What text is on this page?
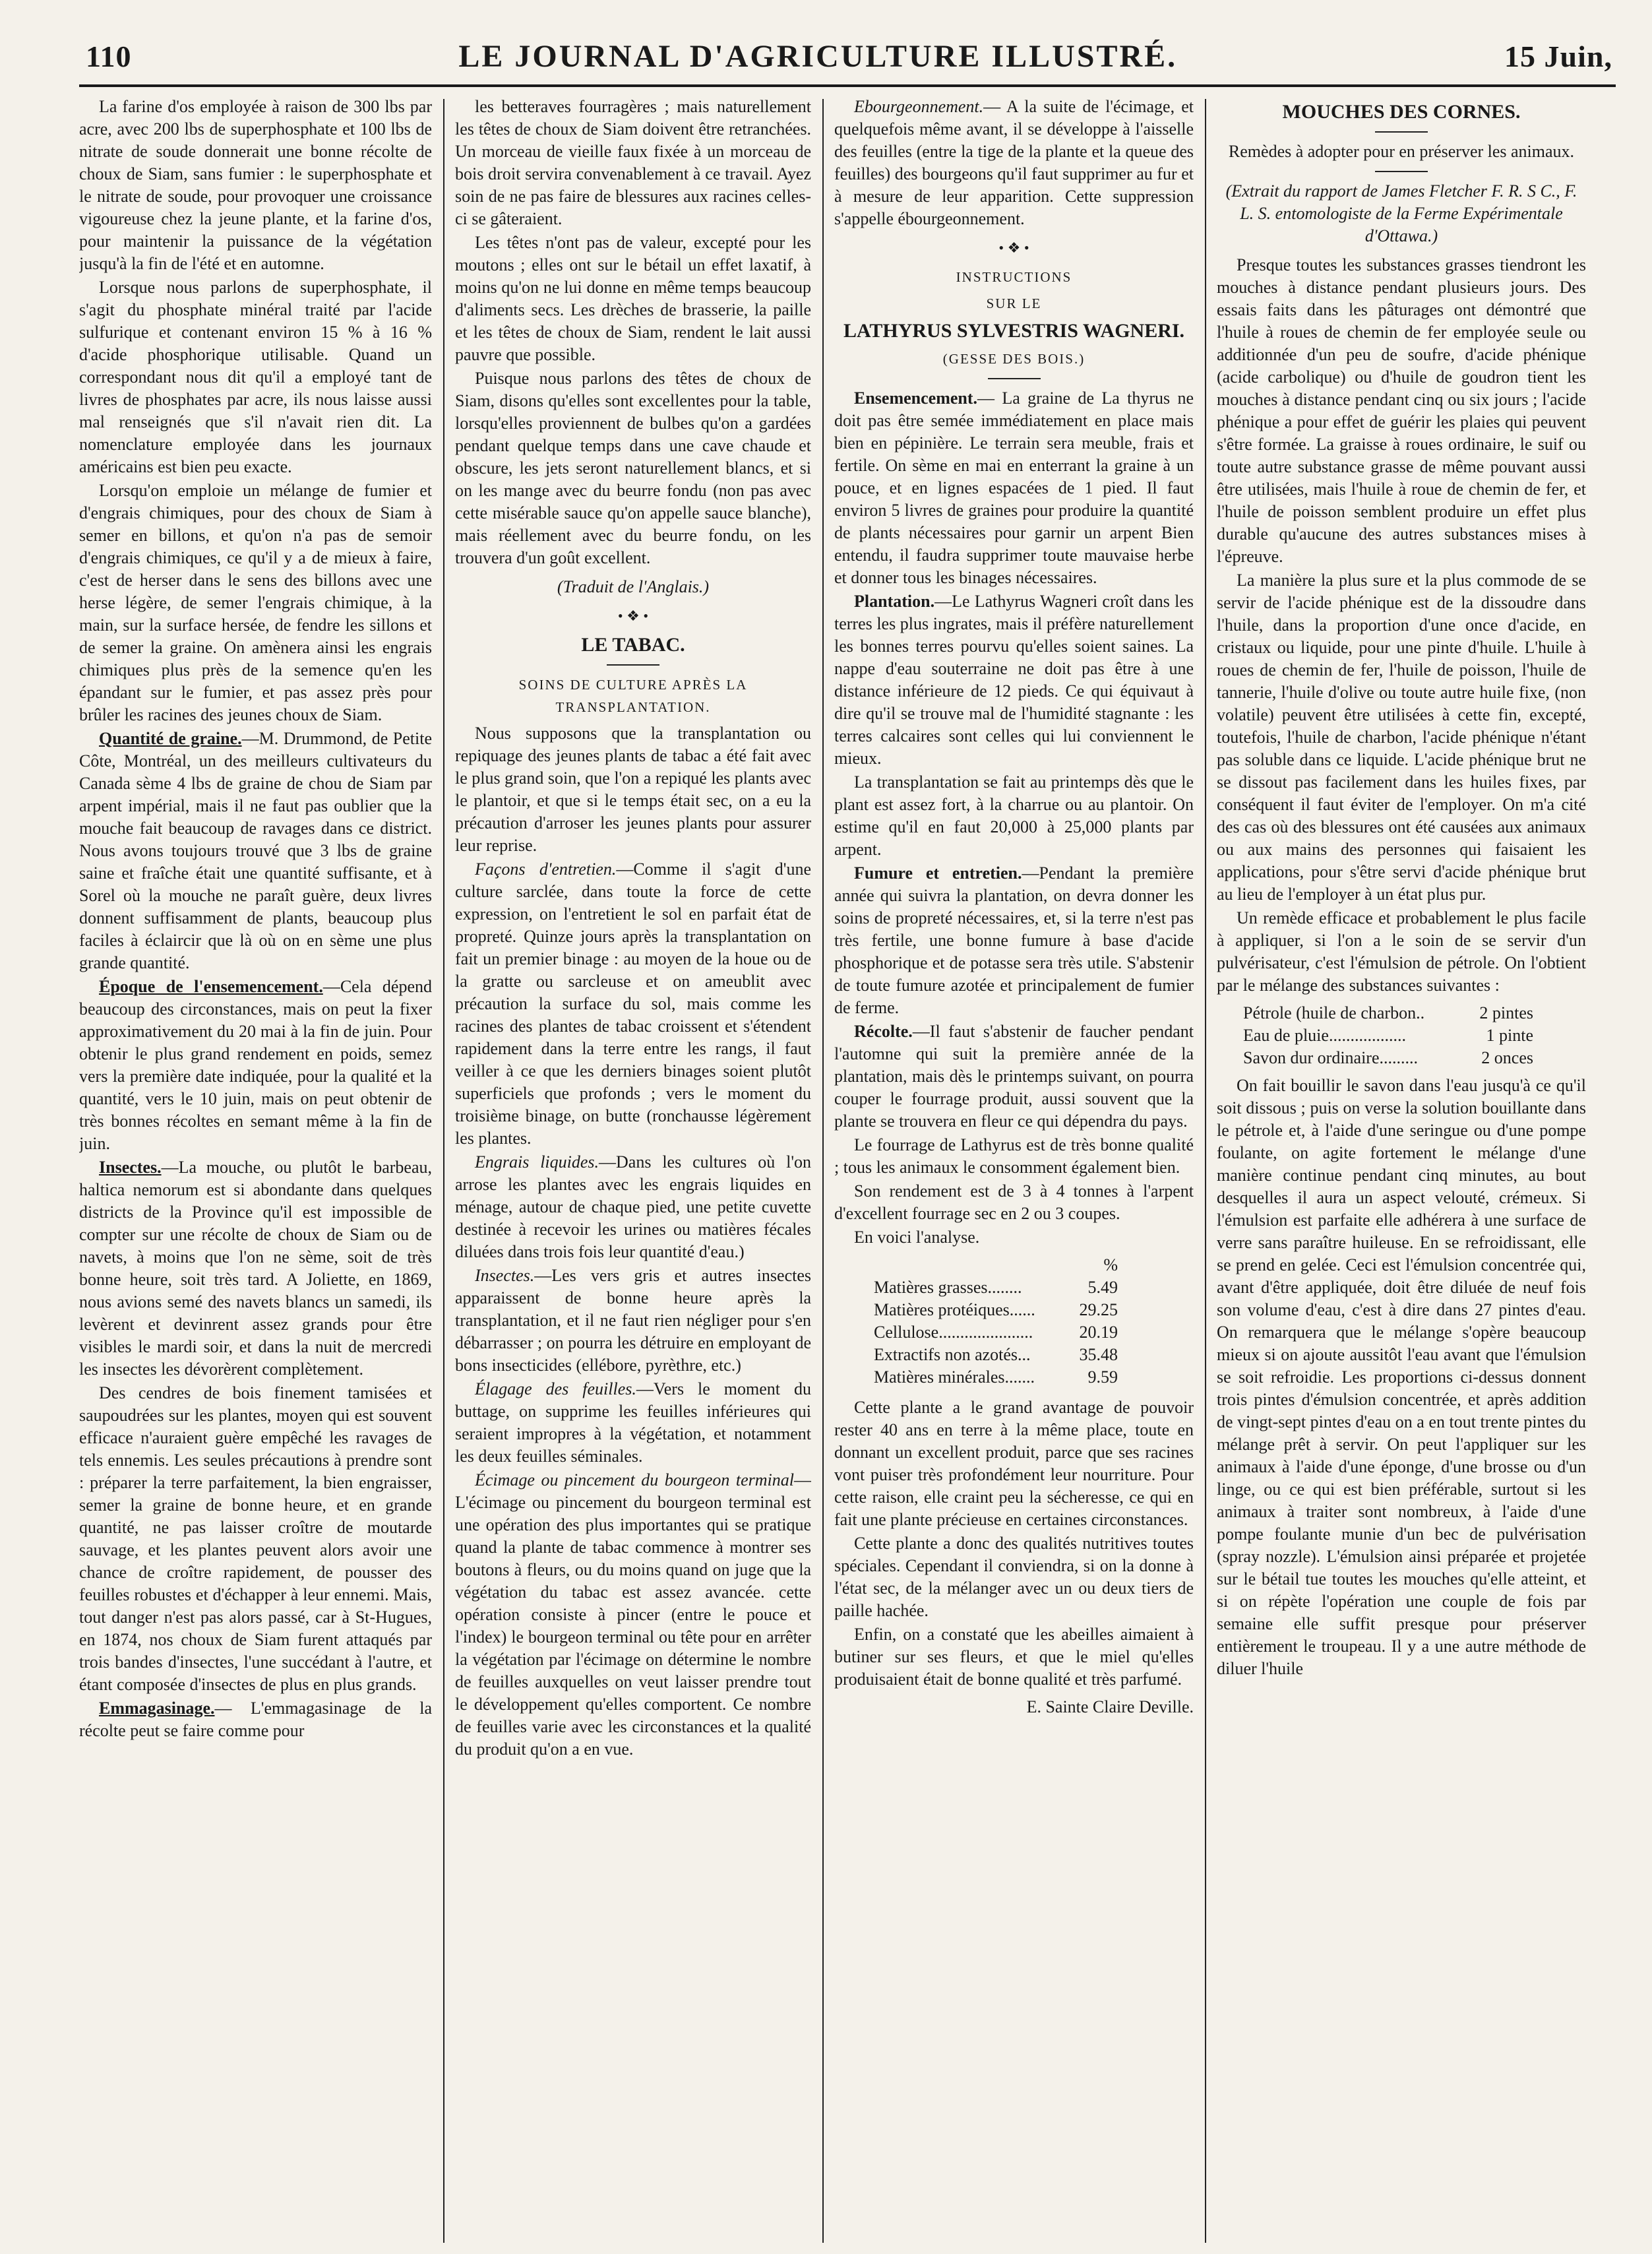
110	LE JOURNAL D'AGRICULTURE ILLUSTRÉ.	15 Juin,

La farine d'os employée à raison de 300 lbs par acre, avec 200 lbs de superphosphate et 100 lbs de nitrate de soude donnerait une bonne récolte de choux de Siam, sans fumier : le superphosphate et le nitrate de soude, pour provoquer une croissance vigoureuse chez la jeune plante, et la farine d'os, pour maintenir la puissance de la végétation jusqu'à la fin de l'été et en automne.

Lorsque nous parlons de superphosphate, il s'agit du phosphate minéral traité par l'acide sulfurique et contenant environ 15 % à 16 % d'acide phosphorique utilisable. Quand un correspondant nous dit qu'il a employé tant de livres de phosphates par acre, ils nous laisse aussi mal renseignés que s'il n'avait rien dit. La nomenclature employée dans les journaux américains est bien peu exacte.

Lorsqu'on emploie un mélange de fumier et d'engrais chimiques, pour des choux de Siam à semer en billons, et qu'on n'a pas de semoir d'engrais chimiques, ce qu'il y a de mieux à faire, c'est de herser dans le sens des billons avec une herse légère, de semer l'engrais chimique, à la main, sur la surface hersée, de fendre les sillons et de semer la graine. On amènera ainsi les engrais chimiques plus près de la semence qu'en les épandant sur le fumier, et pas assez près pour brûler les racines des jeunes choux de Siam.

Quantité de graine.—M. Drummond, de Petite Côte, Montréal, un des meilleurs cultivateurs du Canada sème 4 lbs de graine de chou de Siam par arpent impérial, mais il ne faut pas oublier que la mouche fait beaucoup de ravages dans ce district. Nous avons toujours trouvé que 3 lbs de graine saine et fraîche était une quantité suffisante, et à Sorel où la mouche ne paraît guère, deux livres donnent suffisamment de plants, beaucoup plus faciles à éclaircir que là où on en sème une plus grande quantité.

Époque de l'ensemencement.—Cela dépend beaucoup des circonstances, mais on peut la fixer approximativement du 20 mai à la fin de juin. Pour obtenir le plus grand rendement en poids, semez vers la première date indiquée, pour la qualité et la quantité, vers le 10 juin, mais on peut obtenir de très bonnes récoltes en semant même à la fin de juin.

Insectes.—La mouche, ou plutôt le barbeau, haltica nemorum est si abondante dans quelques districts de la Province qu'il est impossible de compter sur une récolte de choux de Siam ou de navets, à moins que l'on ne sème, soit de très bonne heure, soit très tard. A Joliette, en 1869, nous avions semé des navets blancs un samedi, ils levèrent et devinrent assez grands pour être visibles le mardi soir, et dans la nuit de mercredi les insectes les dévorèrent complètement.

Des cendres de bois finement tamisées et saupoudrées sur les plantes, moyen qui est souvent efficace n'auraient guère empêché les ravages de tels ennemis. Les seules précautions à prendre sont : préparer la terre parfaitement, la bien engraisser, semer la graine de bonne heure, et en grande quantité, ne pas laisser croître de moutarde sauvage, et les plantes peuvent alors avoir une chance de croître rapidement, de pousser des feuilles robustes et d'échapper à leur ennemi. Mais, tout danger n'est pas alors passé, car à St-Hugues, en 1874, nos choux de Siam furent attaqués par trois bandes d'insectes, l'une succédant à l'autre, et étant composée d'insectes de plus en plus grands.

Emmagasinage.— L'emmagasinage de la récolte peut se faire comme pour

les betteraves fourragères ; mais naturellement les têtes de choux de Siam doivent être retranchées. Un morceau de vieille faux fixée à un morceau de bois droit servira convenablement à ce travail. Ayez soin de ne pas faire de blessures aux racines celles-ci se gâteraient.

Les têtes n'ont pas de valeur, excepté pour les moutons ; elles ont sur le bétail un effet laxatif, à moins qu'on ne lui donne en même temps beaucoup d'aliments secs. Les drèches de brasserie, la paille et les têtes de choux de Siam, rendent le lait aussi pauvre que possible.

Puisque nous parlons des têtes de choux de Siam, disons qu'elles sont excellentes pour la table, lorsqu'elles proviennent de bulbes qu'on a gardées pendant quelque temps dans une cave chaude et obscure, les jets seront naturellement blancs, et si on les mange avec du beurre fondu (non pas avec cette misérable sauce qu'on appelle sauce blanche), mais réellement avec du beurre fondu, on les trouvera d'un goût excellent.

(Traduit de l'Anglais.)

• ❖ •

LE TABAC.

SOINS DE CULTURE APRÈS LA TRANSPLANTATION.

Nous supposons que la transplantation ou repiquage des jeunes plants de tabac a été fait avec le plus grand soin, que l'on a repiqué les plants avec le plantoir, et que si le temps était sec, on a eu la précaution d'arroser les jeunes plants pour assurer leur reprise.

Façons d'entretien.—Comme il s'agit d'une culture sarclée, dans toute la force de cette expression, on l'entretient le sol en parfait état de propreté. Quinze jours après la transplantation on fait un premier binage : au moyen de la houe ou de la gratte ou sarcleuse et on ameublit avec précaution la surface du sol, mais comme les racines des plantes de tabac croissent et s'étendent rapidement dans la terre entre les rangs, il faut veiller à ce que les derniers binages soient plutôt superficiels que profonds ; vers le moment du troisième binage, on butte (ronchausse légèrement les plantes.

Engrais liquides.—Dans les cultures où l'on arrose les plantes avec les engrais liquides en ménage, autour de chaque pied, une petite cuvette destinée à recevoir les urines ou matières fécales diluées dans trois fois leur quantité d'eau.)

Insectes.—Les vers gris et autres insectes apparaissent de bonne heure après la transplantation, et il ne faut rien négliger pour s'en débarrasser ; on pourra les détruire en employant de bons insecticides (ellébore, pyrèthre, etc.)

Élagage des feuilles.—Vers le moment du buttage, on supprime les feuilles inférieures qui seraient impropres à la végétation, et notamment les deux feuilles séminales.

Écimage ou pincement du bourgeon terminal—L'écimage ou pincement du bourgeon terminal est une opération des plus importantes qui se pratique quand la plante de tabac commence à montrer ses boutons à fleurs, ou du moins quand on juge que la végétation du tabac est assez avancée. cette opération consiste à pincer (entre le pouce et l'index) le bourgeon terminal ou tête pour en arrêter la végétation par l'écimage on détermine le nombre de feuilles auxquelles on veut laisser prendre tout le développement qu'elles comportent. Ce nombre de feuilles varie avec les circonstances et la qualité du produit qu'on a en vue.

Ebourgeonnement.— A la suite de l'écimage, et quelquefois même avant, il se développe à l'aisselle des feuilles (entre la tige de la plante et la queue des feuilles) des bourgeons qu'il faut supprimer au fur et à mesure de leur apparition. Cette suppression s'appelle ébourgeonnement.

• ❖ •

INSTRUCTIONS

SUR LE

LATHYRUS SYLVESTRIS WAGNERI.

(GESSE DES BOIS.)

Ensemencement.— La graine de La thyrus ne doit pas être semée immédiatement en place mais bien en pépinière. Le terrain sera meuble, frais et fertile. On sème en mai en enterrant la graine à un pouce, et en lignes espacées de 1 pied. Il faut environ 5 livres de graines pour produire la quantité de plants nécessaires pour garnir un arpent Bien entendu, il faudra supprimer toute mauvaise herbe et donner tous les binages nécessaires.

Plantation.—Le Lathyrus Wagneri croît dans les terres les plus ingrates, mais il préfère naturellement les bonnes terres pourvu qu'elles soient saines. La nappe d'eau souterraine ne doit pas être à une distance inférieure de 12 pieds. Ce qui équivaut à dire qu'il se trouve mal de l'humidité stagnante : les terres calcaires sont celles qui lui conviennent le mieux.

La transplantation se fait au printemps dès que le plant est assez fort, à la charrue ou au plantoir. On estime qu'il en faut 20,000 à 25,000 plants par arpent.

Fumure et entretien.—Pendant la première année qui suivra la plantation, on devra donner les soins de propreté nécessaires, et, si la terre n'est pas très fertile, une bonne fumure à base d'acide phosphorique et de potasse sera très utile. S'abstenir de toute fumure azotée et principalement de fumier de ferme.

Récolte.—Il faut s'abstenir de faucher pendant l'automne qui suit la première année de la plantation, mais dès le printemps suivant, on pourra couper le fourrage produit, aussi souvent que la plante se trouvera en fleur ce qui dépendra du pays.

Le fourrage de Lathyrus est de très bonne qualité ; tous les animaux le consomment également bien.

Son rendement est de 3 à 4 tonnes à l'arpent d'excellent fourrage sec en 2 ou 3 coupes.

En voici l'analyse.

%
Matières grasses........	5.49
Matières protéiques......	29.25
Cellulose......................	20.19
Extractifs non azotés...	35.48
Matières minérales.......	9.59

Cette plante a le grand avantage de pouvoir rester 40 ans en terre à la même place, toute en donnant un excellent produit, parce que ses racines vont puiser très profondément leur nourriture. Pour cette raison, elle craint peu la sécheresse, ce qui en fait une plante précieuse en certaines circonstances.

Cette plante a donc des qualités nutritives toutes spéciales. Cependant il conviendra, si on la donne à l'état sec, de la mélanger avec un ou deux tiers de paille hachée.

Enfin, on a constaté que les abeilles aimaient à butiner sur ses fleurs, et que le miel qu'elles produisaient était de bonne qualité et très parfumé.

E. Sainte Claire Deville.

MOUCHES DES CORNES.

Remèdes à adopter pour en préserver les animaux.

(Extrait du rapport de James Fletcher F. R. S C., F. L. S. entomologiste de la Ferme Expérimentale d'Ottawa.)

Presque toutes les substances grasses tiendront les mouches à distance pendant plusieurs jours. Des essais faits dans les pâturages ont démontré que l'huile à roues de chemin de fer employée seule ou additionnée d'un peu de soufre, d'acide phénique (acide carbolique) ou d'huile de goudron tient les mouches à distance pendant cinq ou six jours ; l'acide phénique a pour effet de guérir les plaies qui peuvent s'être formée. La graisse à roues ordinaire, le suif ou toute autre substance grasse de même pouvant aussi être utilisées, mais l'huile à roue de chemin de fer, et l'huile de poisson semblent produire un effet plus durable qu'aucune des autres substances mises à l'épreuve.

La manière la plus sure et la plus commode de se servir de l'acide phénique est de la dissoudre dans l'huile, dans la proportion d'une once d'acide, en cristaux ou liquide, pour une pinte d'huile. L'huile à roues de chemin de fer, l'huile de poisson, l'huile de tannerie, l'huile d'olive ou toute autre huile fixe, (non volatile) peuvent être utilisées à cette fin, excepté, toutefois, l'huile de charbon, l'acide phénique n'étant pas soluble dans ce liquide. L'acide phénique brut ne se dissout pas facilement dans les huiles fixes, par conséquent il faut éviter de l'employer. On m'a cité des cas où des blessures ont été causées aux animaux ou aux mains des personnes qui faisaient les applications, pour s'être servi d'acide phénique brut au lieu de l'employer à un état plus pur.

Un remède efficace et probablement le plus facile à appliquer, si l'on a le soin de se servir d'un pulvérisateur, c'est l'émulsion de pétrole. On l'obtient par le mélange des substances suivantes :

Pétrole (huile de charbon..	2 pintes
Eau de pluie..................	1 pinte
Savon dur ordinaire.........	2 onces

On fait bouillir le savon dans l'eau jusqu'à ce qu'il soit dissous ; puis on verse la solution bouillante dans le pétrole et, à l'aide d'une seringue ou d'une pompe foulante, on agite fortement le mélange d'une manière continue pendant cinq minutes, au bout desquelles il aura un aspect velouté, crémeux. Si l'émulsion est parfaite elle adhérera à une surface de verre sans paraître huileuse. En se refroidissant, elle se prend en gelée. Ceci est l'émulsion concentrée qui, avant d'être appliquée, doit être diluée de neuf fois son volume d'eau, c'est à dire dans 27 pintes d'eau. On remarquera que le mélange s'opère beaucoup mieux si on ajoute aussitôt l'eau avant que l'émulsion se soit refroidie. Les proportions ci-dessus donnent trois pintes d'émulsion concentrée, et après addition de vingt-sept pintes d'eau on a en tout trente pintes du mélange prêt à servir. On peut l'appliquer sur les animaux à l'aide d'une éponge, d'une brosse ou d'un linge, ou ce qui est bien préférable, surtout si les animaux à traiter sont nombreux, à l'aide d'une pompe foulante munie d'un bec de pulvérisation (spray nozzle). L'émulsion ainsi préparée et projetée sur le bétail tue toutes les mouches qu'elle atteint, et si on répète l'opération une couple de fois par semaine elle suffit presque pour préserver entièrement le troupeau. Il y a une autre méthode de diluer l'huile
